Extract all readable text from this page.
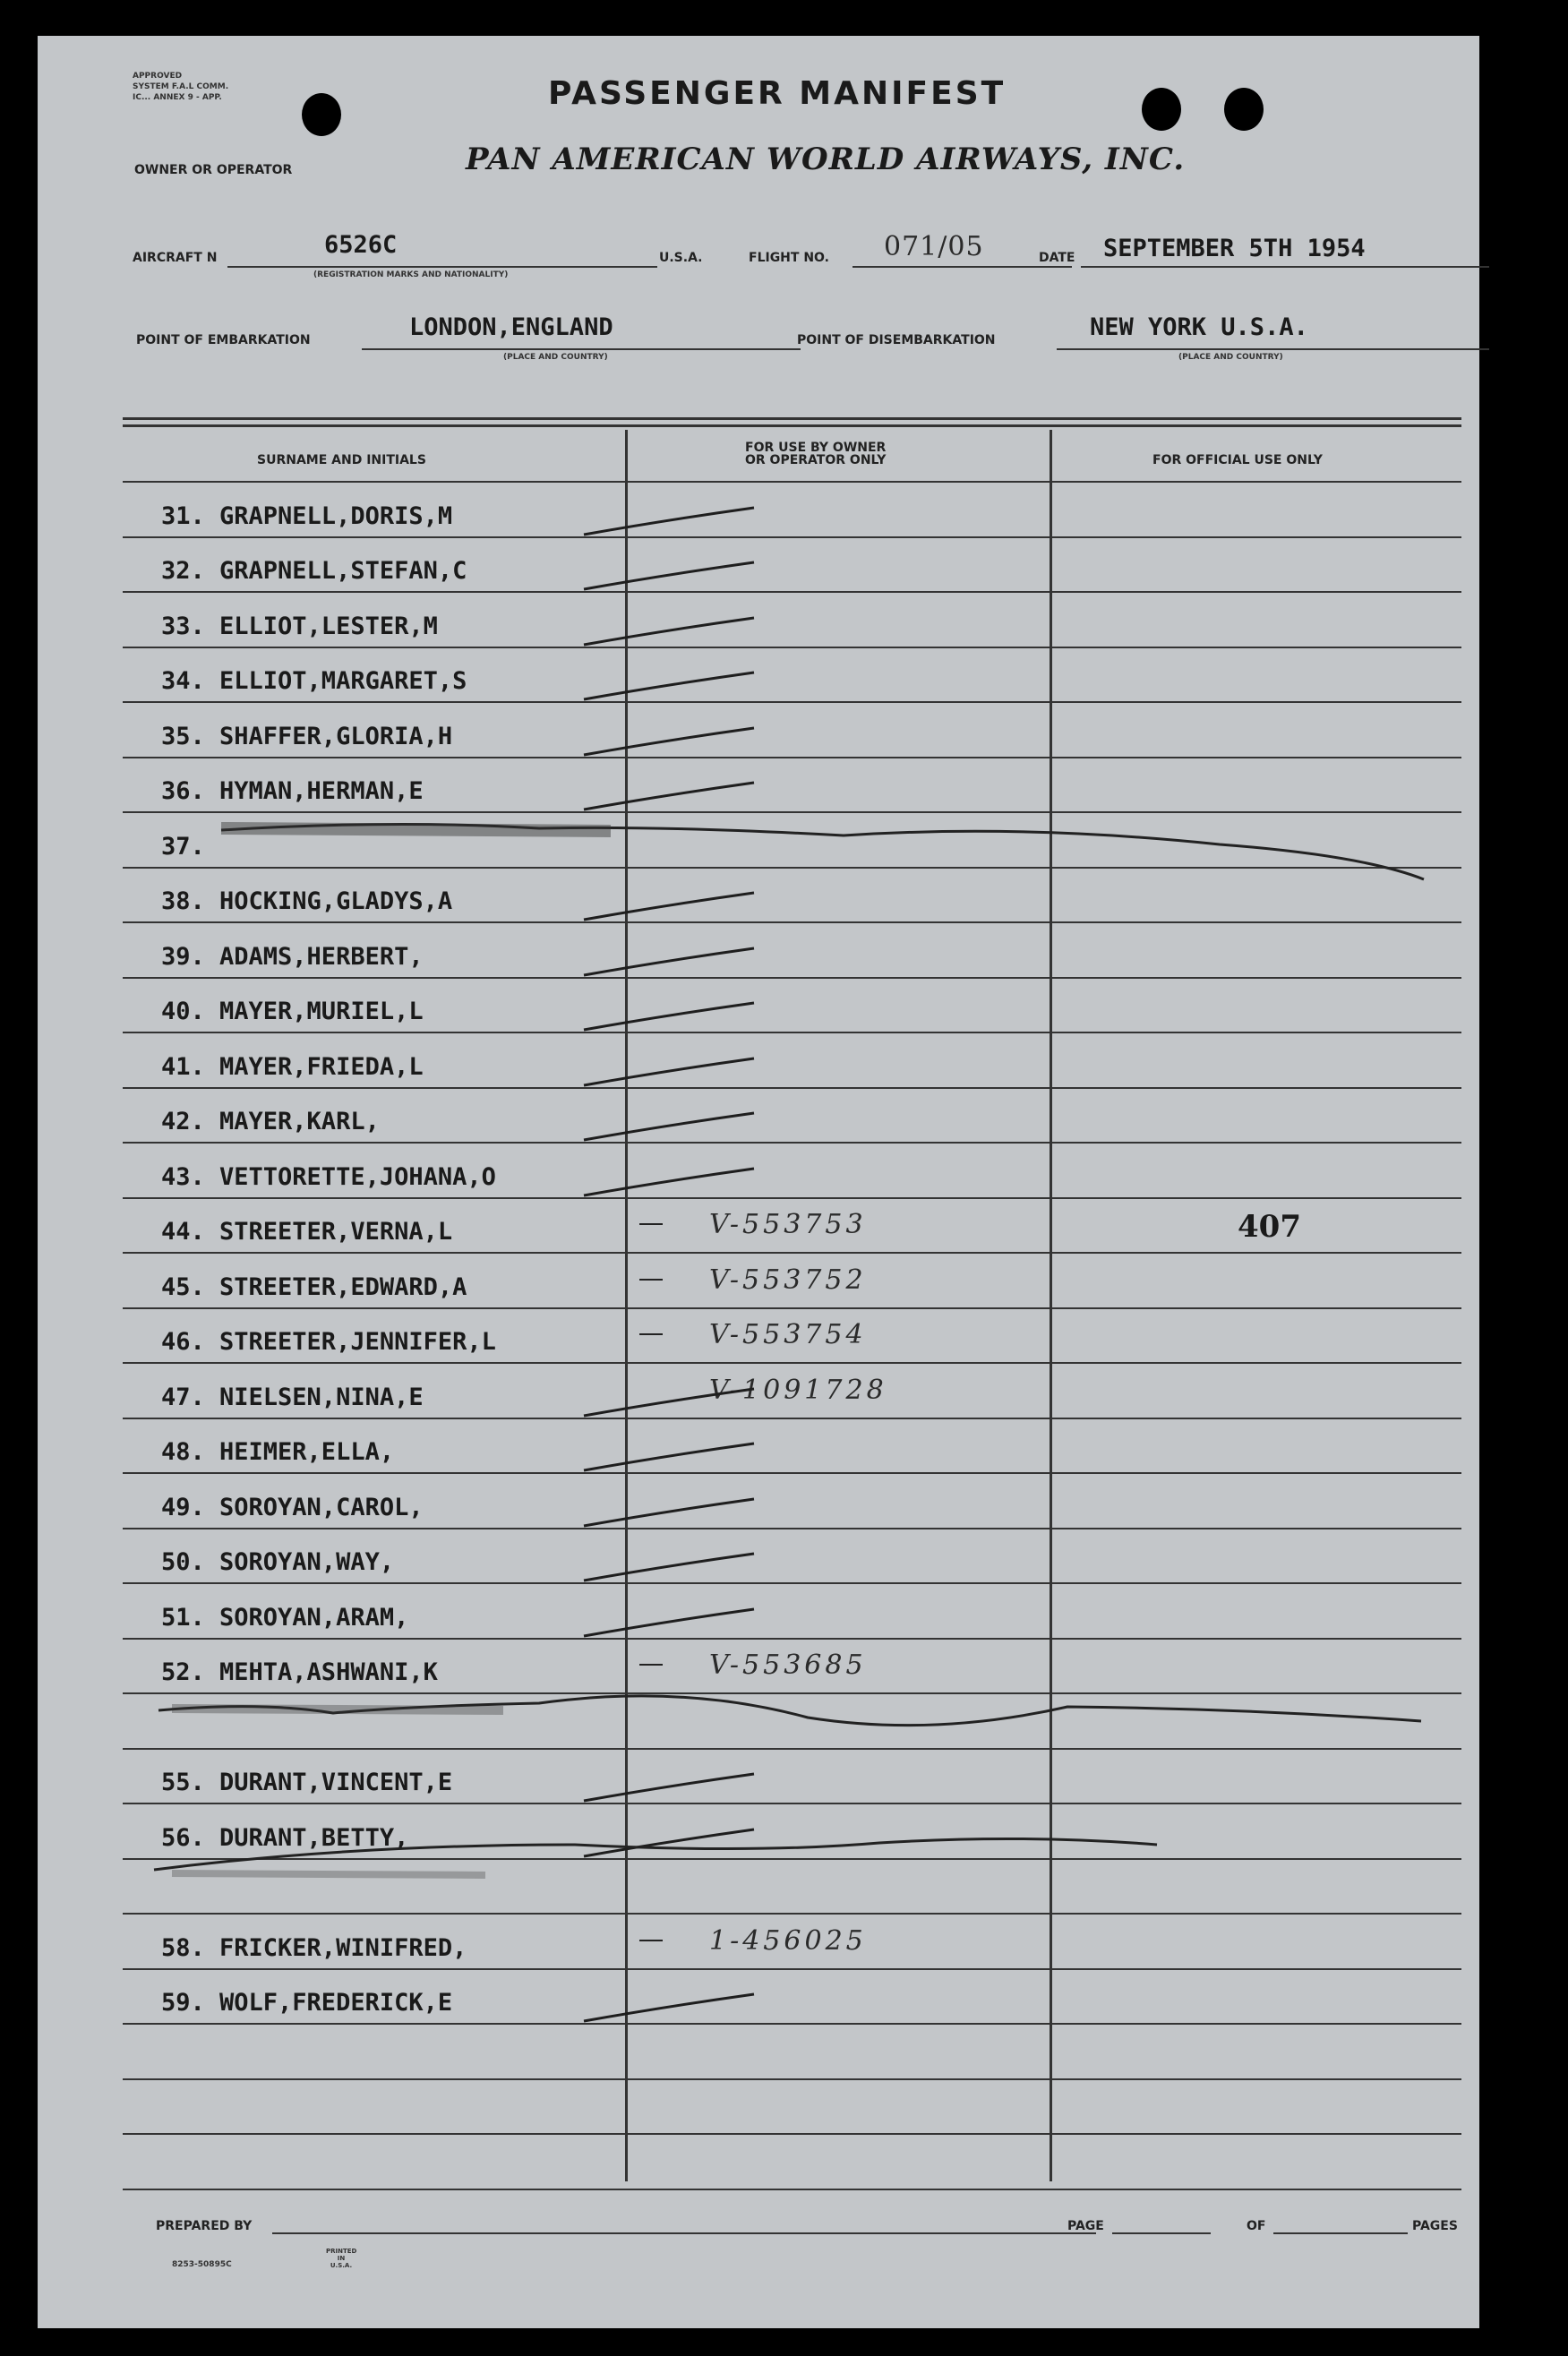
APPROVED
SYSTEM F.A.L COMM.
IC... ANNEX 9 - APP.	PASSENGER MANIFEST
OWNER OR OPERATOR	PAN AMERICAN WORLD AIRWAYS, INC.
AIRCRAFT N	6526C
(REGISTRATION MARKS AND NATIONALITY)
U.S.A.	FLIGHT NO. 071/05	DATE SEPTEMBER 5TH 1954
POINT OF EMBARKATION	LONDON,ENGLAND
(PLACE AND COUNTRY)
POINT OF DISEMBARKATION	NEW YORK U.S.A.
(PLACE AND COUNTRY)
SURNAME AND INITIALS
FOR USE BY OWNER
OR OPERATOR ONLY	FOR OFFICIAL USE ONLY
31. GRAPNELL,DORIS,M
32. GRAPNELL,STEFAN,C
33. ELLIOT,LESTER,M
34. ELLIOT,MARGARET,S
35. SHAFFER,GLORIA,H
36. HYMAN,HERMAN,E
37.
38. HOCKING,GLADYS,A
39. ADAMS,HERBERT,
40. MAYER,MURIEL,L
41. MAYER,FRIEDA,L
42. MAYER,KARL,
43. VETTORETTE,JOHANA,O
44. STREETER,VERNA,L	V-553753	407
45. STREETER,EDWARD,A	V-553752
46. STREETER,JENNIFER,L	V-553754
47. NIELSEN,NINA,E	V-1091728
48. HEIMER,ELLA,
49. SOROYAN,CAROL,
50. SOROYAN,WAY,
51. SOROYAN,ARAM,
52. MEHTA,ASHWANI,K	V-553685
55. DURANT,VINCENT,E
56. DURANT,BETTY,
58. FRICKER,WINIFRED,	1-456025
59. WOLF,FREDERICK,E
PREPARED BY	PAGE	OF	PAGES
8253-50895C
PRINTED IN U.S.A.
